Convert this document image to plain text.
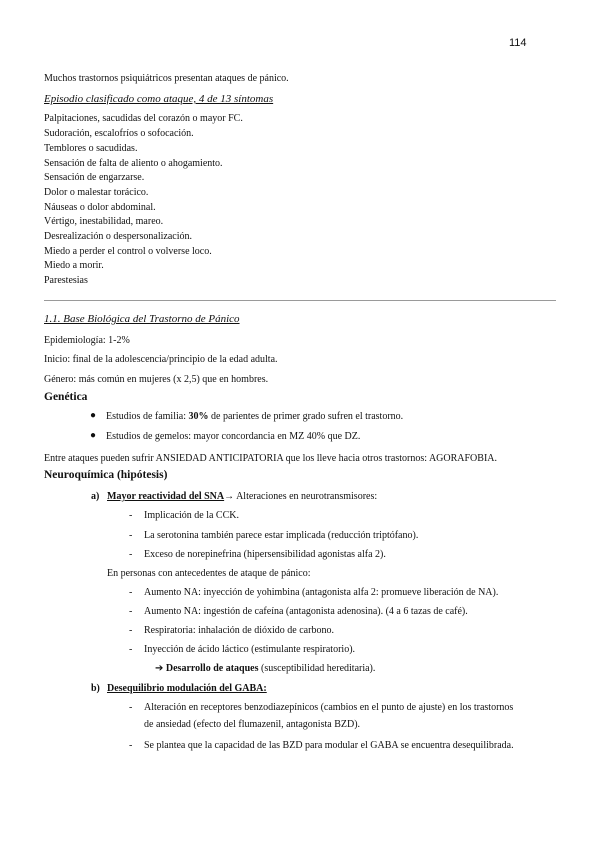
114
Muchos trastornos psiquiátricos presentan ataques de pánico.
Episodio clasificado como ataque, 4 de 13 síntomas
Palpitaciones, sacudidas del corazón o mayor FC.
Sudoración, escalofríos o sofocación.
Temblores o sacudidas.
Sensación de falta de aliento o ahogamiento.
Sensación de engarzarse.
Dolor o malestar torácico.
Náuseas o dolor abdominal.
Vértigo, inestabilidad, mareo.
Desrealización o despersonalización.
Miedo a perder el control o volverse loco.
Miedo a morir.
Parestesias
1.1. Base Biológica del Trastorno de Pánico
Epidemiología: 1-2%
Inicio: final de la adolescencia/principio de la edad adulta.
Género: más común en mujeres (x 2,5) que en hombres.
Genética
● Estudios de familia: 30% de parientes de primer grado sufren el trastorno.
● Estudios de gemelos: mayor concordancia en MZ 40% que DZ.
Entre ataques pueden sufrir ANSIEDAD ANTICIPATORIA que los lleve hacia otros trastornos: AGORAFOBIA.
Neuroquímica (hipótesis)
a) Mayor reactividad del SNA→ Alteraciones en neurotransmisores:
- Implicación de la CCK.
- La serotonina también parece estar implicada (reducción triptófano).
- Exceso de norepinefrina (hipersensibilidad agonistas alfa 2).
En personas con antecedentes de ataque de pánico:
- Aumento NA: inyección de yohimbina (antagonista alfa 2: promueve liberación de NA).
- Aumento NA: ingestión de cafeína (antagonista adenosina). (4 a 6 tazas de café).
- Respiratoria: inhalación de dióxido de carbono.
- Inyección de ácido láctico (estimulante respiratorio).
➔ Desarrollo de ataques (susceptibilidad hereditaria).
b) Desequilibrio modulación del GABA:
- Alteración en receptores benzodiazepínicos (cambios en el punto de ajuste) en los trastornos
de ansiedad (efecto del flumazenil, antagonista BZD).
- Se plantea que la capacidad de las BZD para modular el GABA se encuentra desequilibrada.
